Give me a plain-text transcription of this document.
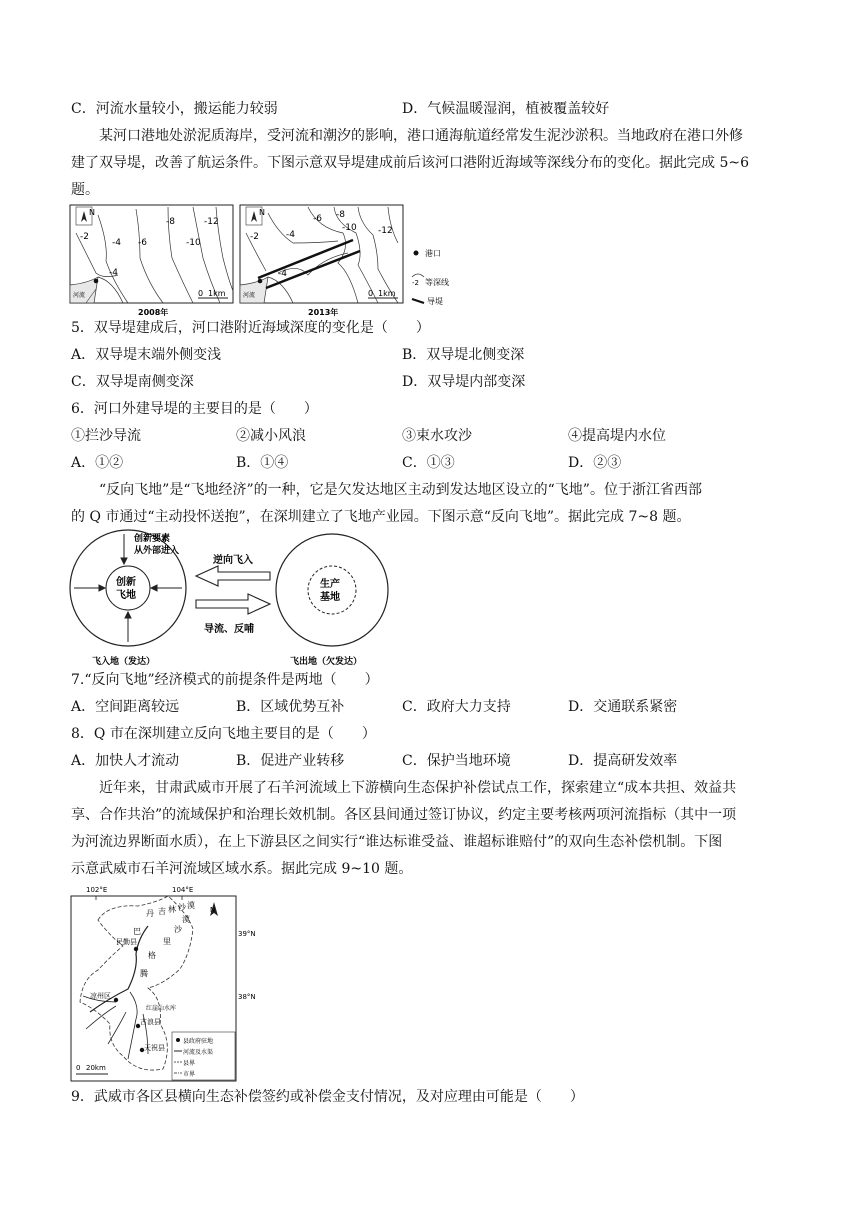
C．河流水量较小，搬运能力较弱	D．气候温暖湿润，植被覆盖较好
某河口港地处淤泥质海岸，受河流和潮汐的影响，港口通海航道经常发生泥沙淤积。当地政府在港口外修
建了双导堤，改善了航运条件。下图示意双导堤建成前后该河口港附近海域等深线分布的变化。据此完成 5~6
题。
N
河流
-2
-4
-4
-6
-8
-10
-12
0 1km
2008年
N
河流
-2	-4
-4
-6 -8
-10 -12
0 1km
2013年
港口
-2 等深线
导堤
5．双导堤建成后，河口港附近海域深度的变化是（　　）
A．双导堤末端外侧变浅	B．双导堤北侧变深
C．双导堤南侧变深	D．双导堤内部变深
6．河口外建导堤的主要目的是（　　）
①拦沙导流	②减小风浪	③束水攻沙	④提高堤内水位
A．①②	B．①④	C．①③	D．②③
“反向飞地”是“飞地经济”的一种，它是欠发达地区主动到发达地区设立的“飞地”。位于浙江省西部
的 Q 市通过“主动投怀送抱”，在深圳建立了飞地产业园。下图示意“反向飞地”。据此完成 7~8 题。
创新
飞地
创新要素
从外部进入
生产
基地
逆向飞入
导流、反哺
飞入地（发达）	飞出地（欠发达）
7.“反向飞地”经济模式的前提条件是两地（　　）
A．空间距离较远	B．区域优势互补	C．政府大力支持	D．交通联系紧密
8．Q 市在深圳建立反向飞地主要目的是（　　）
A．加快人才流动	B．促进产业转移	C．保护当地环境	D．提高研发效率
近年来，甘肃武威市开展了石羊河流域上下游横向生态保护补偿试点工作，探索建立“成本共担、效益共
享、合作共治”的流域保护和治理长效机制。各区县间通过签订协议，约定主要考核两项河流指标（其中一项
为河流边界断面水质），在上下游县区之间实行“谁达标谁受益、谁超标谁赔付”的双向生态补偿机制。下图
示意武威市石羊河流域区域水系。据此完成 9~10 题。
102°E	104°E
39°N
38°N
N
民勤县
凉州区
古浪县
天祝县
红崖山水库
巴
丹 吉 林 沙 漠
腾
格
里
沙
漠
县政府驻地
河流及水渠
县界
市界
0 20km
9．武威市各区县横向生态补偿签约或补偿金支付情况，及对应理由可能是（　　）
